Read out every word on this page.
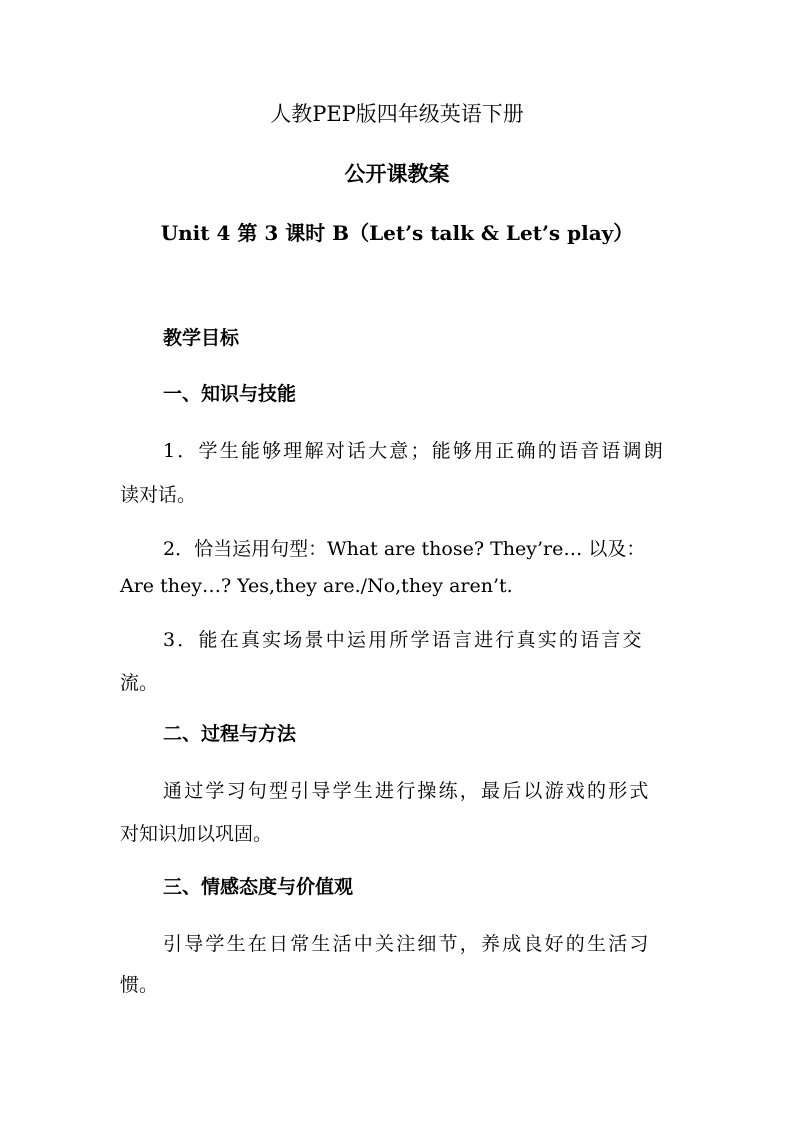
人教PEP版四年级英语下册
公开课教案
Unit 4 第 3 课时 B（Let’s talk & Let’s play）
教学目标
一、知识与技能
1．学生能够理解对话大意；能够用正确的语音语调朗
读对话。
2．恰当运用句型：What are those? They’re… 以及：
Are they…? Yes,they are./No,they aren’t.
3．能在真实场景中运用所学语言进行真实的语言交
流。
二、过程与方法
通过学习句型引导学生进行操练，最后以游戏的形式
对知识加以巩固。
三、情感态度与价值观
引导学生在日常生活中关注细节，养成良好的生活习
惯。
